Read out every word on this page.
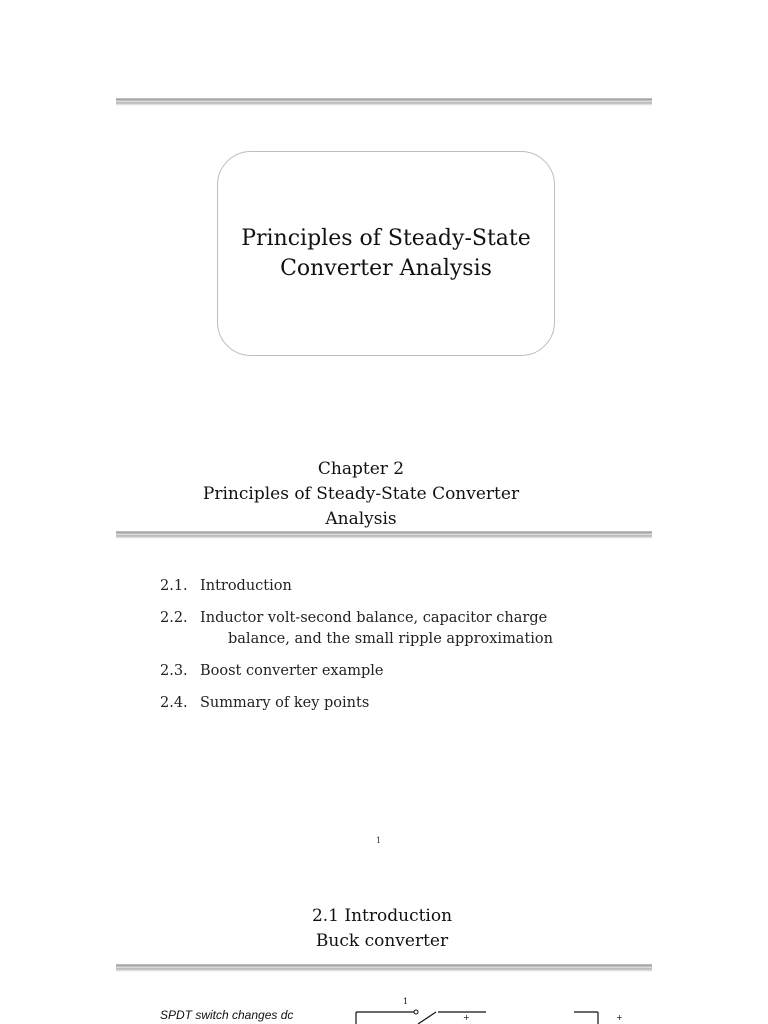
Principles of Steady-State
Converter Analysis
Chapter 2
Principles of Steady-State Converter
Analysis
2.1. Introduction
2.2. Inductor volt-second balance, capacitor charge
balance, and the small ripple approximation
2.3. Boost converter example
2.4. Summary of key points
1
2.1 Introduction
Buck converter
SPDT switch changes dc
1
+	+
